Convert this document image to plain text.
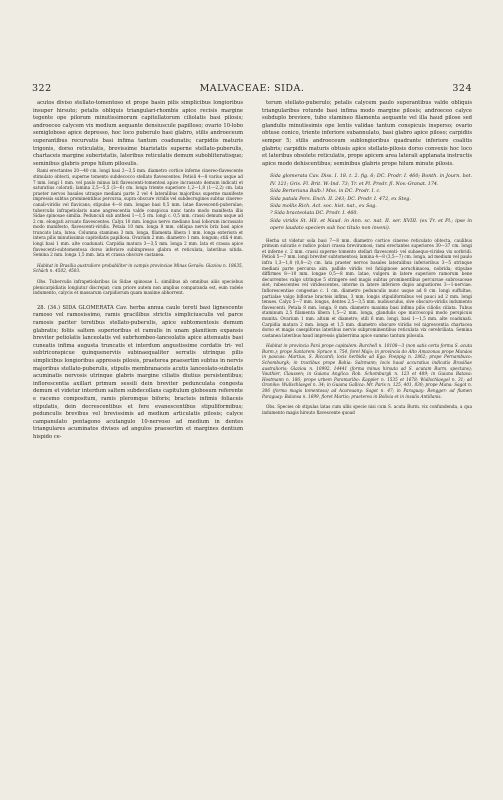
322	MALVACEAE: SIDA.	324

acutos diviso stellato-tomentoso et prope basin pilis simplicibus longioribus insuper hirsuto; petalis obliquis triangulari-rhombis apice recisis margine tegente ope pilorum minutissimorum capitellatorum ciliolatis basi pilosis; androeceo calycem vix medium aequante densiuscule papilloso; ovario 10-lobo semigloboso apice depresso, hoc loco puberulo basi glabro, stilis androeceum superantibus recurvatis basi infima tantum coadunatis; carpidiis maturis trigonis, dorso reticulatis, brevissime biaristatis superne stellato-puberulis, chartaceis margine suberistatis, lateribus reticulatis demum subobliteratisque; seminibus glabris prope hilum pilosulis.

Rami erectantes 20—40 cm. longi basi 2—3,5 mm. diametro cortice inferne cinereo-flavescente stimulato obtecti, superne tomento subdecocco stellato flavescentes. Petioli 4—8 varius usque ad 7 mm. longi 1 mm. vel paulo minus lati flavescenti-tomentosi apice incrassato demum indicati et saturatius colorati; lamina 2,5—5,5 (3—6) cm. longa triente superiore 1,2—1,8 (1—2,2) cm. lata praeter nervos basales utraque mediani parte 2 vel 4 lateralibus majoribus superne manifeste impressis subtus prominentibus percursa, supra obscure viridis vel subdecrugines subtus cinereo-canali-viridis vel flavicans; stipulae 4—8 mm. longae basi 0,5 mm. latae flavescenti-puberulae; tuberculis infrapetiolaris nane angrescentia valde conspicua nunc tanto modo manifesta illis Sidae spinosae similia. Pedunculi sub anthesi 1—1,5 cm. longi c. 0,5 mm. crassi demum usque ad 2 cm. elongati arcuato flavescentes. Calyx 10 mm. longus nervo mediano basi loborum incrassato modo manifesto, flavescenti-viridis. Petala 10 mm. longa 8 mm. obliqua nervis brix basi apice truncato lata, lutea. Columna staminea 3 mm. longa, filamenta libera 1 mm. longa exteriora et intera pilis minutissimis capitellatis papillosa. Ovarium 2 mm. diametro 1 mm. longum; stili 4 mm. longi basi 1 mm. alte coadunati. Carpidia matura 3—3,5 mm. longa 2 mm. lata et crassa apice flavescenti-subtomentosa dorso inferiore subimpresso glabra et reticulata, lateribus nitida. Semina 2 mm. longa 1,5 mm. lata et crassa obscure castanea.

Habitat in Brasilia australiore probabiliter in campis provinciae Minas Geraës: Glaziou n. 18635, Schäch n. 4502, 4503.

Obs. Tuberculis infrapetiolaribus iis Sidae spinosae L. similibus ab omnibus aliis speciebus plenicarpidiatis longiutur discrepat; cum priore autem non amplius comparanda est, eum radele indumento, calycis et massarum carpidiorum quam maxime abhorrent.

28. (34.) SIDA GLOMERATA Cav. herba annua caule tereti basi lignescente ramoso vel ramosissimo, ramis gracilibus strictis simpliciusculis vel parce ramosis pariter teretibus stellato-puberulis, apice subtomentosis demum glabratis; foliis saltem superioribus et ramulis in unam planitiem expansis breviter petiolatis lanceolatis vel subrhombeo-lanceolatis apice attenuatis basi cuneatis infima augusta truncatis et interdum angustissime cordatis tri- vel subtriconspicue quinquenerviis subinaequaliter serratis utrinque pilis simplicibus longioribus appressis pilosis, praeterea praesertim subtus in nervis majoribus stellato-puberulis, stipulis membranaceis acutis lanceolato-subulatis acuminatis nervosis utrinque glabris margine ciliatis diutius persistentibus; inflorescentia axillari primum sessili dein breviter pedunculata congesta demum et videtur interdum saltem subdecollans capitulum globosum referente e racemo compositum, ramis pleromque biforis; bracteis infimis foliaceis stipulatis, dein decrescentibus et fere evanescentibus stipuliformibus; pedunculis brevibus vel brevissimis ad medium articulatis pilosis; calyce campanulato pentagono acutangulo 10-nervoso ad medium in dentes triangulares acuminatos divisos ad angulos praesertim et margines dentium hispido ce-

terum stellato-puberulo; petalis calycem paulo superantibus valde obliquis triangularibus rotunde basi infima modo margine pilosis; androeceo calyce subduplo breviore, tubo stamineo filamenta aequante vel illa haud pilose sed glandulis minutissimis ope lentis validae tantum conspicuis insperso; ovario obtuse conico, triente inferiore subannulato, basi glabro apice piloso; carpidiis semper 5; stilis androeceum sublongioribus quadrante inferiore coalitis glabris; carpidiis maturis obtusis apice stellato-pilosis dorso convexis hoc loco et lateribus obsolete reticulatis, prope apicem area laterali applanata instructis apice modo dehiscentibus; seminibus glabris prope hilum minute pilosis.

Sida glomerata Cav. Diss. I. 18. t. 2. fig. 6; DC. Prodr. I. 460; Bonth. in Journ. bot. IV. 121; Gris. Fl. Brit. W.-Ind. 73; Tr. et Pl. Prodr. fl. Nov.-Granat. 174.

Sida Berteriana Balb.! Mss. in DC. Prodr. I. c.

Sida patula Pers. Ench. II. 243; DC. Prodr. I. 472, ex Steg.

Sida mollis Rich. Act. soc. hist. nat., ex Sag.

? Sida bracteolata DC. Prodr. I. 460.

Sida viridis St. Hil. et Naud. in Ann. sc. nat. II. ser. XVIII. (ex Tr. et Pl.; ipse in opere laudato speciem sub hoc titulo non inveni).

Herba ut videtur sola basi 7—8 mm. diametro cortice cinereo reticulato obtecta, caulibus primum sulcatis e radice polari crassa breviramosi; rami erectantes superiores 30—37 cm. longi et inferne c. 2 mm. crassi superne tomento stellari flavescenti- vel subaequo-viridea vix sorbridi. Petioli 5—7 mm. longi breviter subtomentosi; lamina 4—8 (3,5—7) cm. longa, ad medium vel paulo infra 1,3—1,8 (0,8—2) cm. lata praeter nervos basales lateralibus inferioribus 3—5 utrinque mediani parte percursa aim. pallide viridis vel fatiiginose aeruchinacea, nobrida; stipulae diffirmes 8—10 mm. longae 0,5—8 mm. latae, vulgeru in latere superiore ramorum bene decurrentes valgo utrinque 5 stringere sed magis subtus prominentibus percursae subrosaceae siet; rubescentes vel viridescentes, interne in latere inferiore dupio angustiores 3—1-nerviae. Inflorescentiae congestae c. 1 cm. diametro pedunculis nunc usque ad 8 cm. longi suffultae, partialae valgo biflorae bracteis infims, 3 mm. longis stipuliformibus vel pauci ad 2 mm. longi tenues. Calyx 5—7 mm. longus, dentes 2,5—3,5 mm. nudiusculus, sive obscuro-viridis indumento flavescenti. Petala 8 mm. longa, 8 mm. diametro maxima basi infima pilis ciliolis ciliata. Tubus staminum 2,5 filamenta libera 1,5—2 mm. longa, glandulis ope microscopii modo perspicuis munita. Ovarium 1 mm. altum et diametro; stili 6 mm. longi, basi 1—1,5 mm. alte coadunati. Carpidia matura 2 mm. longa et 1,5 mm. diametro obscure viridia vel nigrescentia chartacea dorso et magis caespiforus lateribus nervis subprominentibus reticulata vix cerebriliata. Semina castanea lateribus haud impressis glaberrima apice summo tantum pilosula.

Habitat in provincia Pará prope capitalem: Burchell n. 10108—3 (non satis certa forma S. acuta Burm.); prope Santarem: Spruce n. 754, forel Majo; in provincia do Alto Amazonas prope Manáos in pascuis: Martius, S. Riccardi; locis herbidis ad Ega: Poeppig n. 2862; prope Pernambuco: Schomburgk; in tractibus prope Bahia: Salzmann; locis haud accuratius indicatis Brasiliae australioris: Glaziou n. 10992, 14441 (forma minus hirsuta ad S. acutam Burm. spectans); Vauthier, Claussen; in Guiana Anglica: Rob. Schomburgk n. 123 et 489; in Guiana Batava: Hostmann n. 186; prope urbem Paramaribo: Kappler n. 1535 et 1678; Wullschlaegel n. 31; ad Oranike: Wullschlaegel n. 34; in Guiana Gallica: Mr. Paris n. 125, 401, 830; prope Mana: Sagot n. 306 (forma magis tomentosa) ad Acarouany: Sagot n. 47; in Paraguay: Rengger: ad flumen Paraguay: Balansa n. 1699, floret Martio; praeterea in Bolivia et in insulis Antillanis.

Obs. Species ob stipulas latas cum ullis specie nisi cum S. acuta Burm. vix confundenda, a qua indumento magis hirsuto flavescente quoad
